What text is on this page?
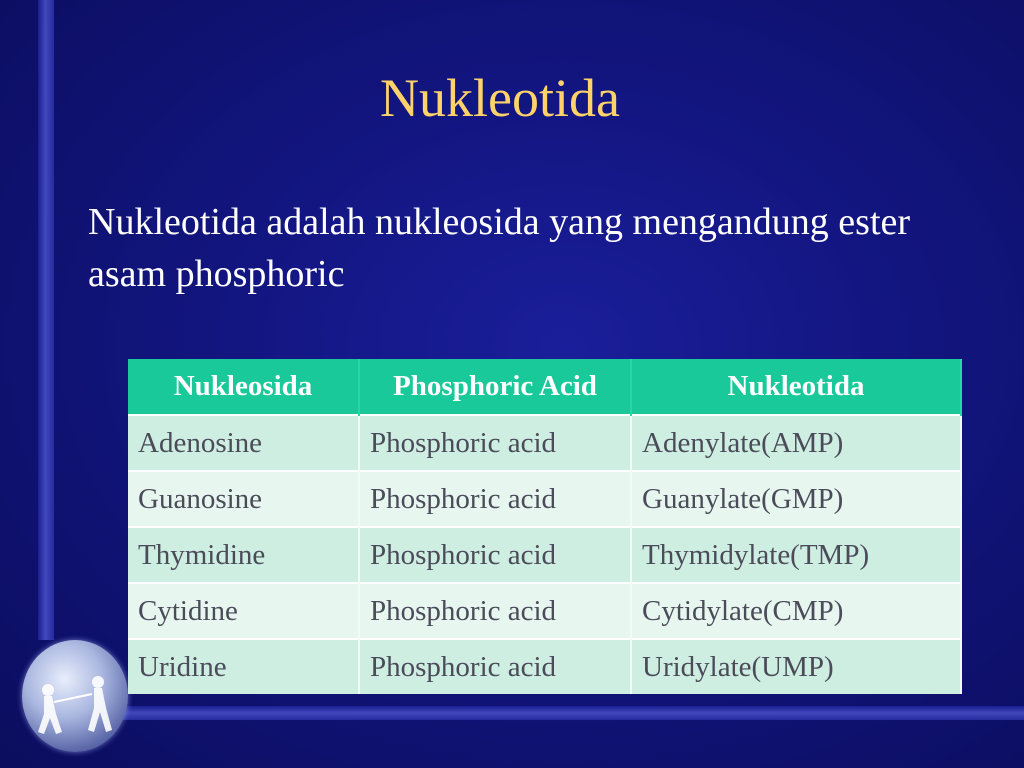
Nukleotida
Nukleotida adalah nukleosida yang mengandung ester asam phosphoric
Nukleosida	Phosphoric Acid	Nukleotida
Adenosine	Phosphoric acid	Adenylate(AMP)
Guanosine	Phosphoric acid	Guanylate(GMP)
Thymidine	Phosphoric acid	Thymidylate(TMP)
Cytidine	Phosphoric acid	Cytidylate(CMP)
Uridine	Phosphoric acid	Uridylate(UMP)
